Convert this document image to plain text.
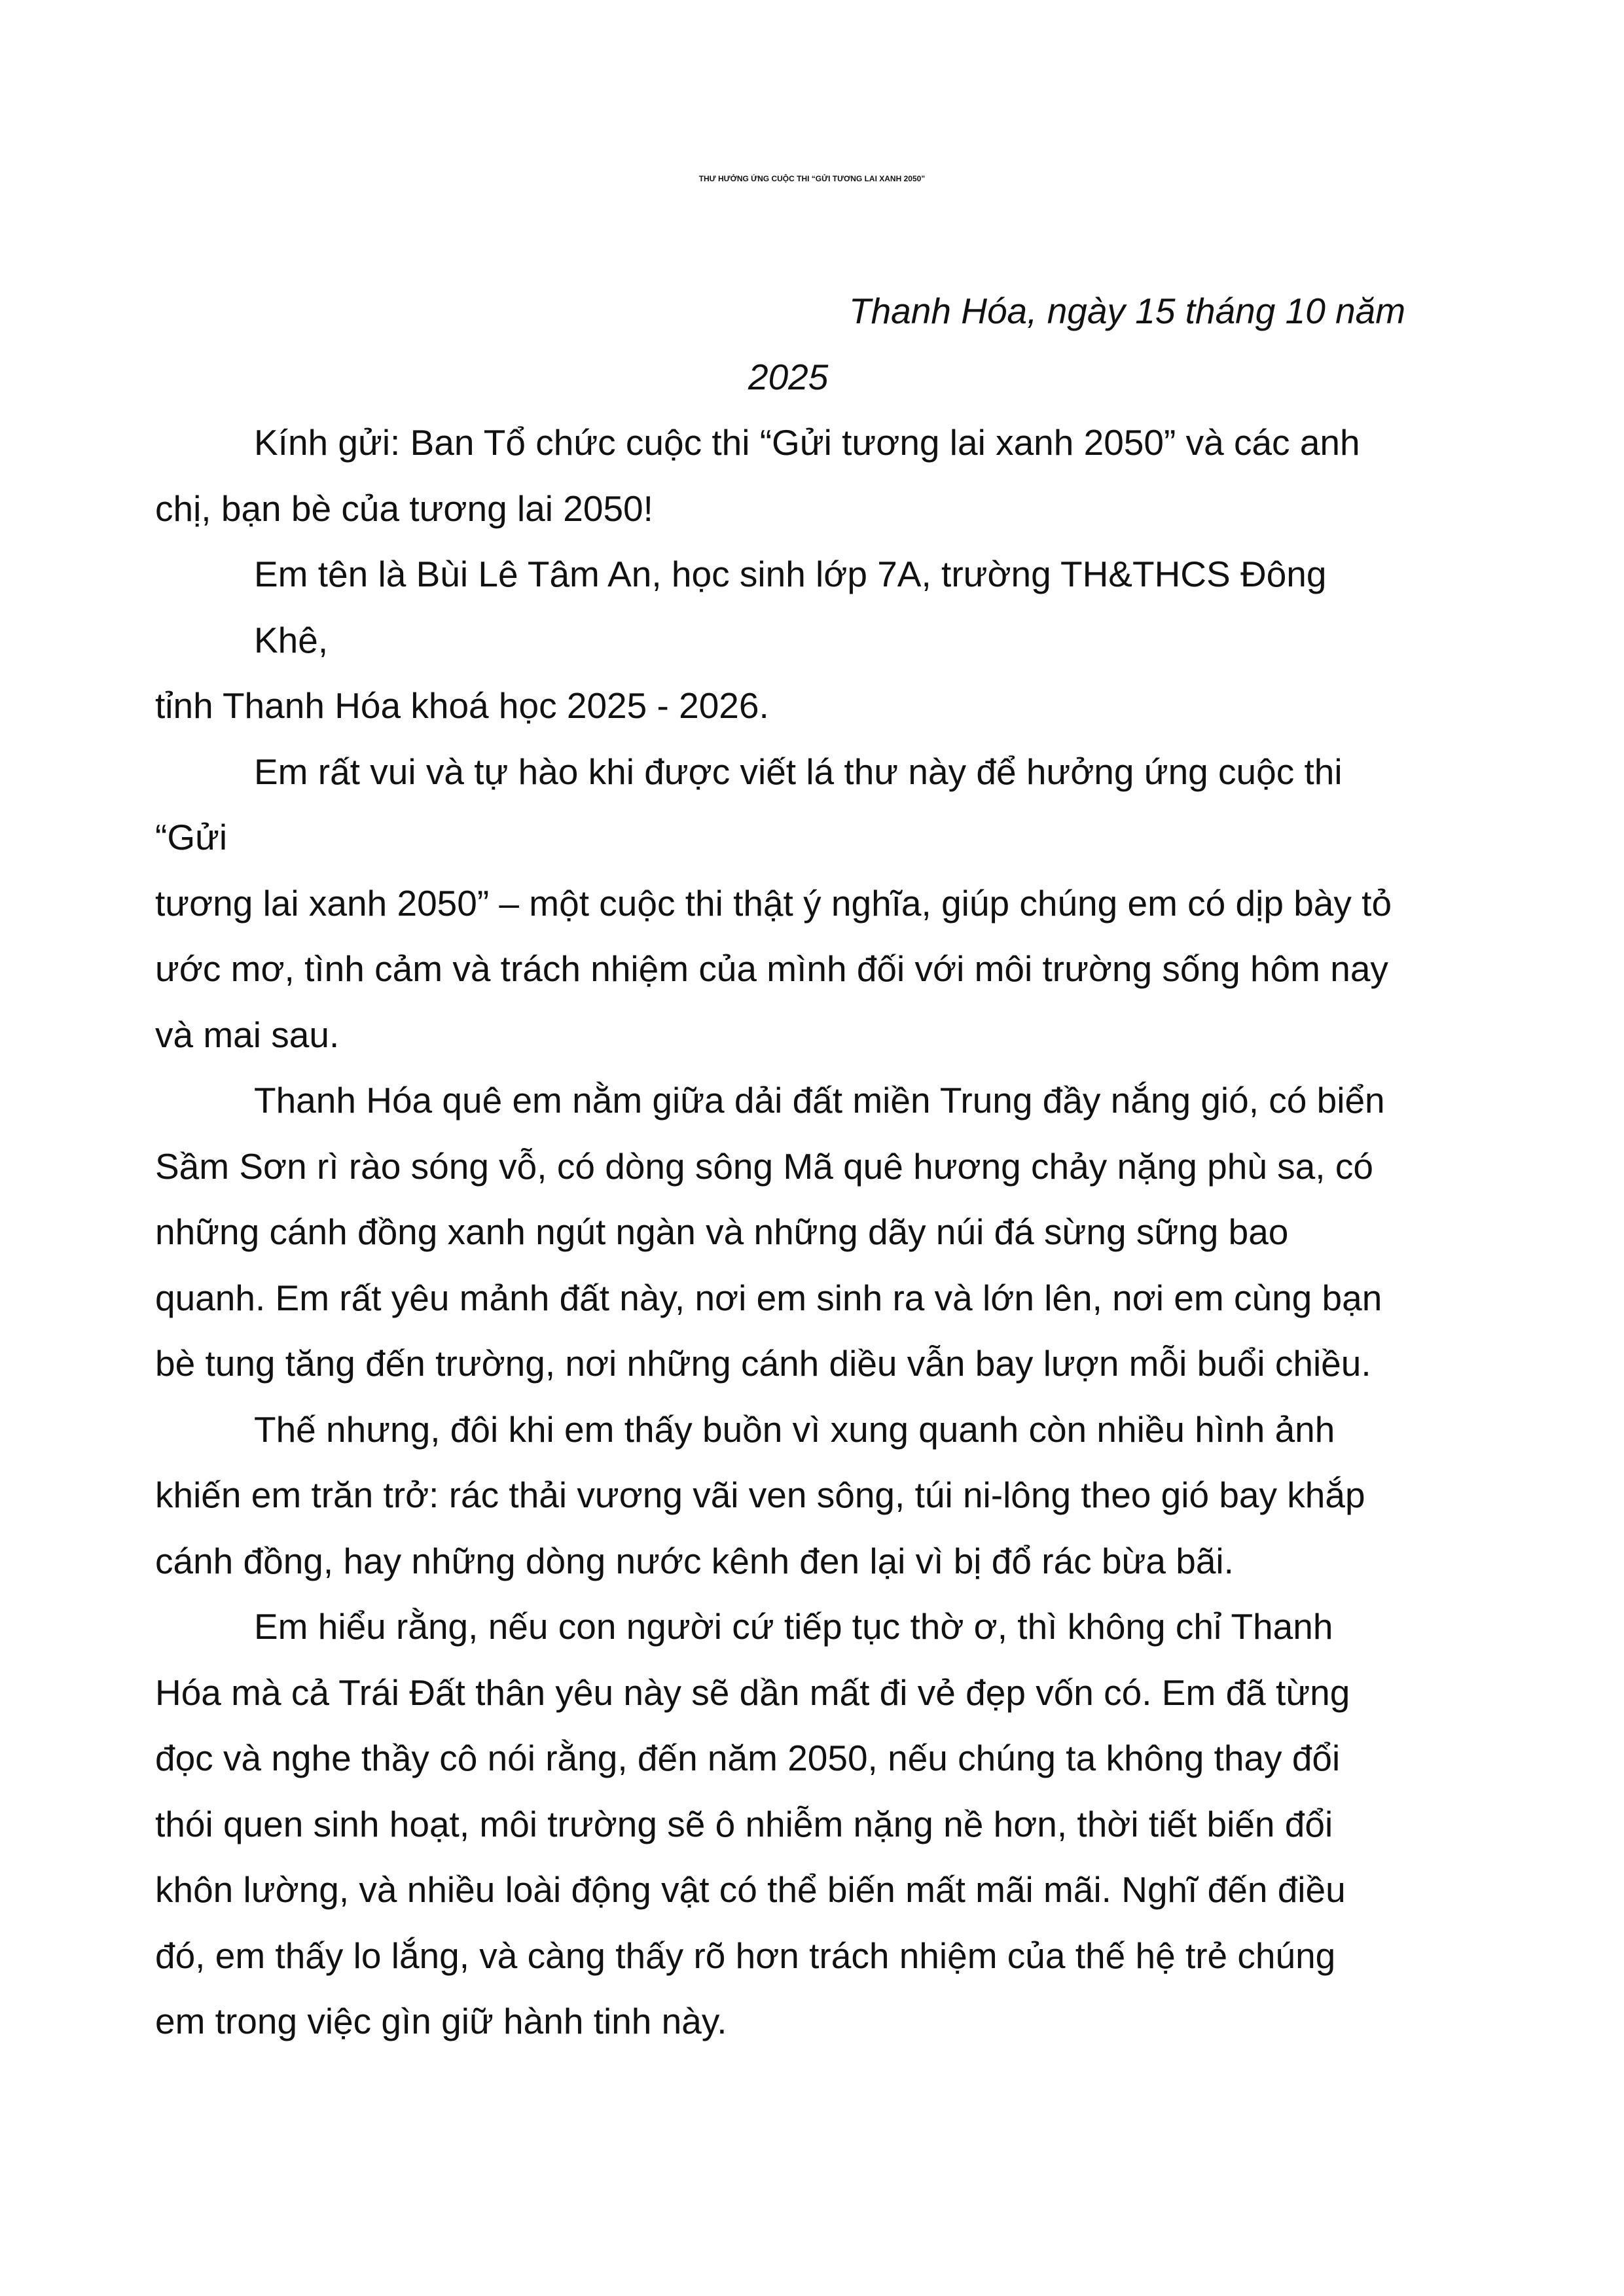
THƯ HƯỞNG ỨNG CUỘC THI “GỬI TƯƠNG LAI XANH 2050”
Thanh Hóa, ngày 15 tháng 10 năm
2025
Kính gửi: Ban Tổ chức cuộc thi “Gửi tương lai xanh 2050” và các anh
chị, bạn bè của tương lai 2050!
Em tên là Bùi Lê Tâm An, học sinh lớp 7A, trường TH&THCS Đông
Khê,
tỉnh Thanh Hóa khoá học 2025 - 2026.
Em rất vui và tự hào khi được viết lá thư này để hưởng ứng cuộc thi
“Gửi
tương lai xanh 2050” – một cuộc thi thật ý nghĩa, giúp chúng em có dịp bày tỏ
ước mơ, tình cảm và trách nhiệm của mình đối với môi trường sống hôm nay
và mai sau.
Thanh Hóa quê em nằm giữa dải đất miền Trung đầy nắng gió, có biển
Sầm Sơn rì rào sóng vỗ, có dòng sông Mã quê hương chảy nặng phù sa, có
những cánh đồng xanh ngút ngàn và những dãy núi đá sừng sững bao
quanh. Em rất yêu mảnh đất này, nơi em sinh ra và lớn lên, nơi em cùng bạn
bè tung tăng đến trường, nơi những cánh diều vẫn bay lượn mỗi buổi chiều.
Thế nhưng, đôi khi em thấy buồn vì xung quanh còn nhiều hình ảnh
khiến em trăn trở: rác thải vương vãi ven sông, túi ni-lông theo gió bay khắp
cánh đồng, hay những dòng nước kênh đen lại vì bị đổ rác bừa bãi.
Em hiểu rằng, nếu con người cứ tiếp tục thờ ơ, thì không chỉ Thanh
Hóa mà cả Trái Đất thân yêu này sẽ dần mất đi vẻ đẹp vốn có. Em đã từng
đọc và nghe thầy cô nói rằng, đến năm 2050, nếu chúng ta không thay đổi
thói quen sinh hoạt, môi trường sẽ ô nhiễm nặng nề hơn, thời tiết biến đổi
khôn lường, và nhiều loài động vật có thể biến mất mãi mãi. Nghĩ đến điều
đó, em thấy lo lắng, và càng thấy rõ hơn trách nhiệm của thế hệ trẻ chúng
em trong việc gìn giữ hành tinh này.
